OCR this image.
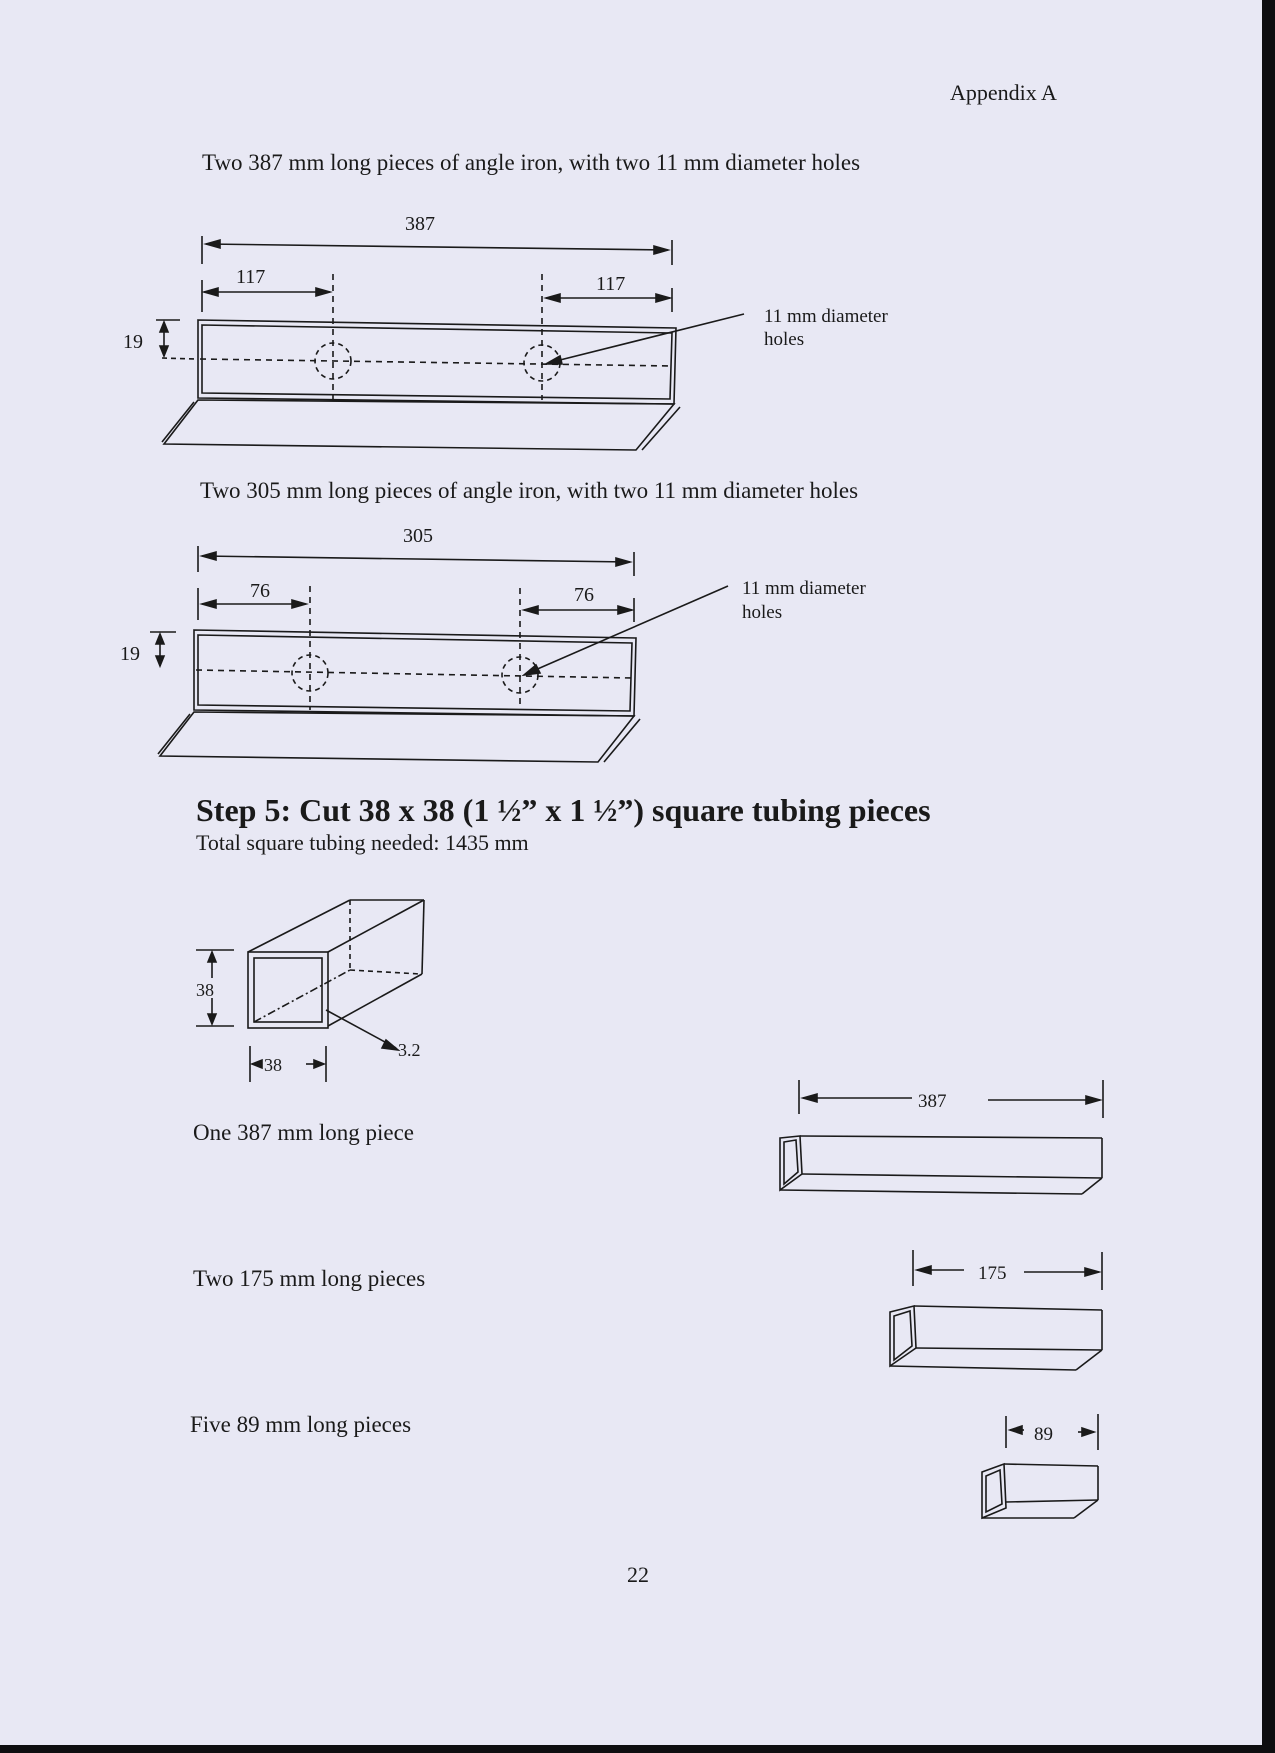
Appendix A
Two 387 mm long pieces of angle iron, with two 11 mm diameter holes
387
117	117
19
11 mm diameter
holes
Two 305 mm long pieces of angle iron, with two 11 mm diameter holes
305
76	76
19
11 mm diameter
holes
Step 5: Cut 38 x 38 (1 ½” x 1 ½”) square tubing pieces
Total square tubing needed: 1435 mm
38
38
3.2
One 387 mm long piece
387
Two 175 mm long pieces	175
Five 89 mm long pieces	89
22
